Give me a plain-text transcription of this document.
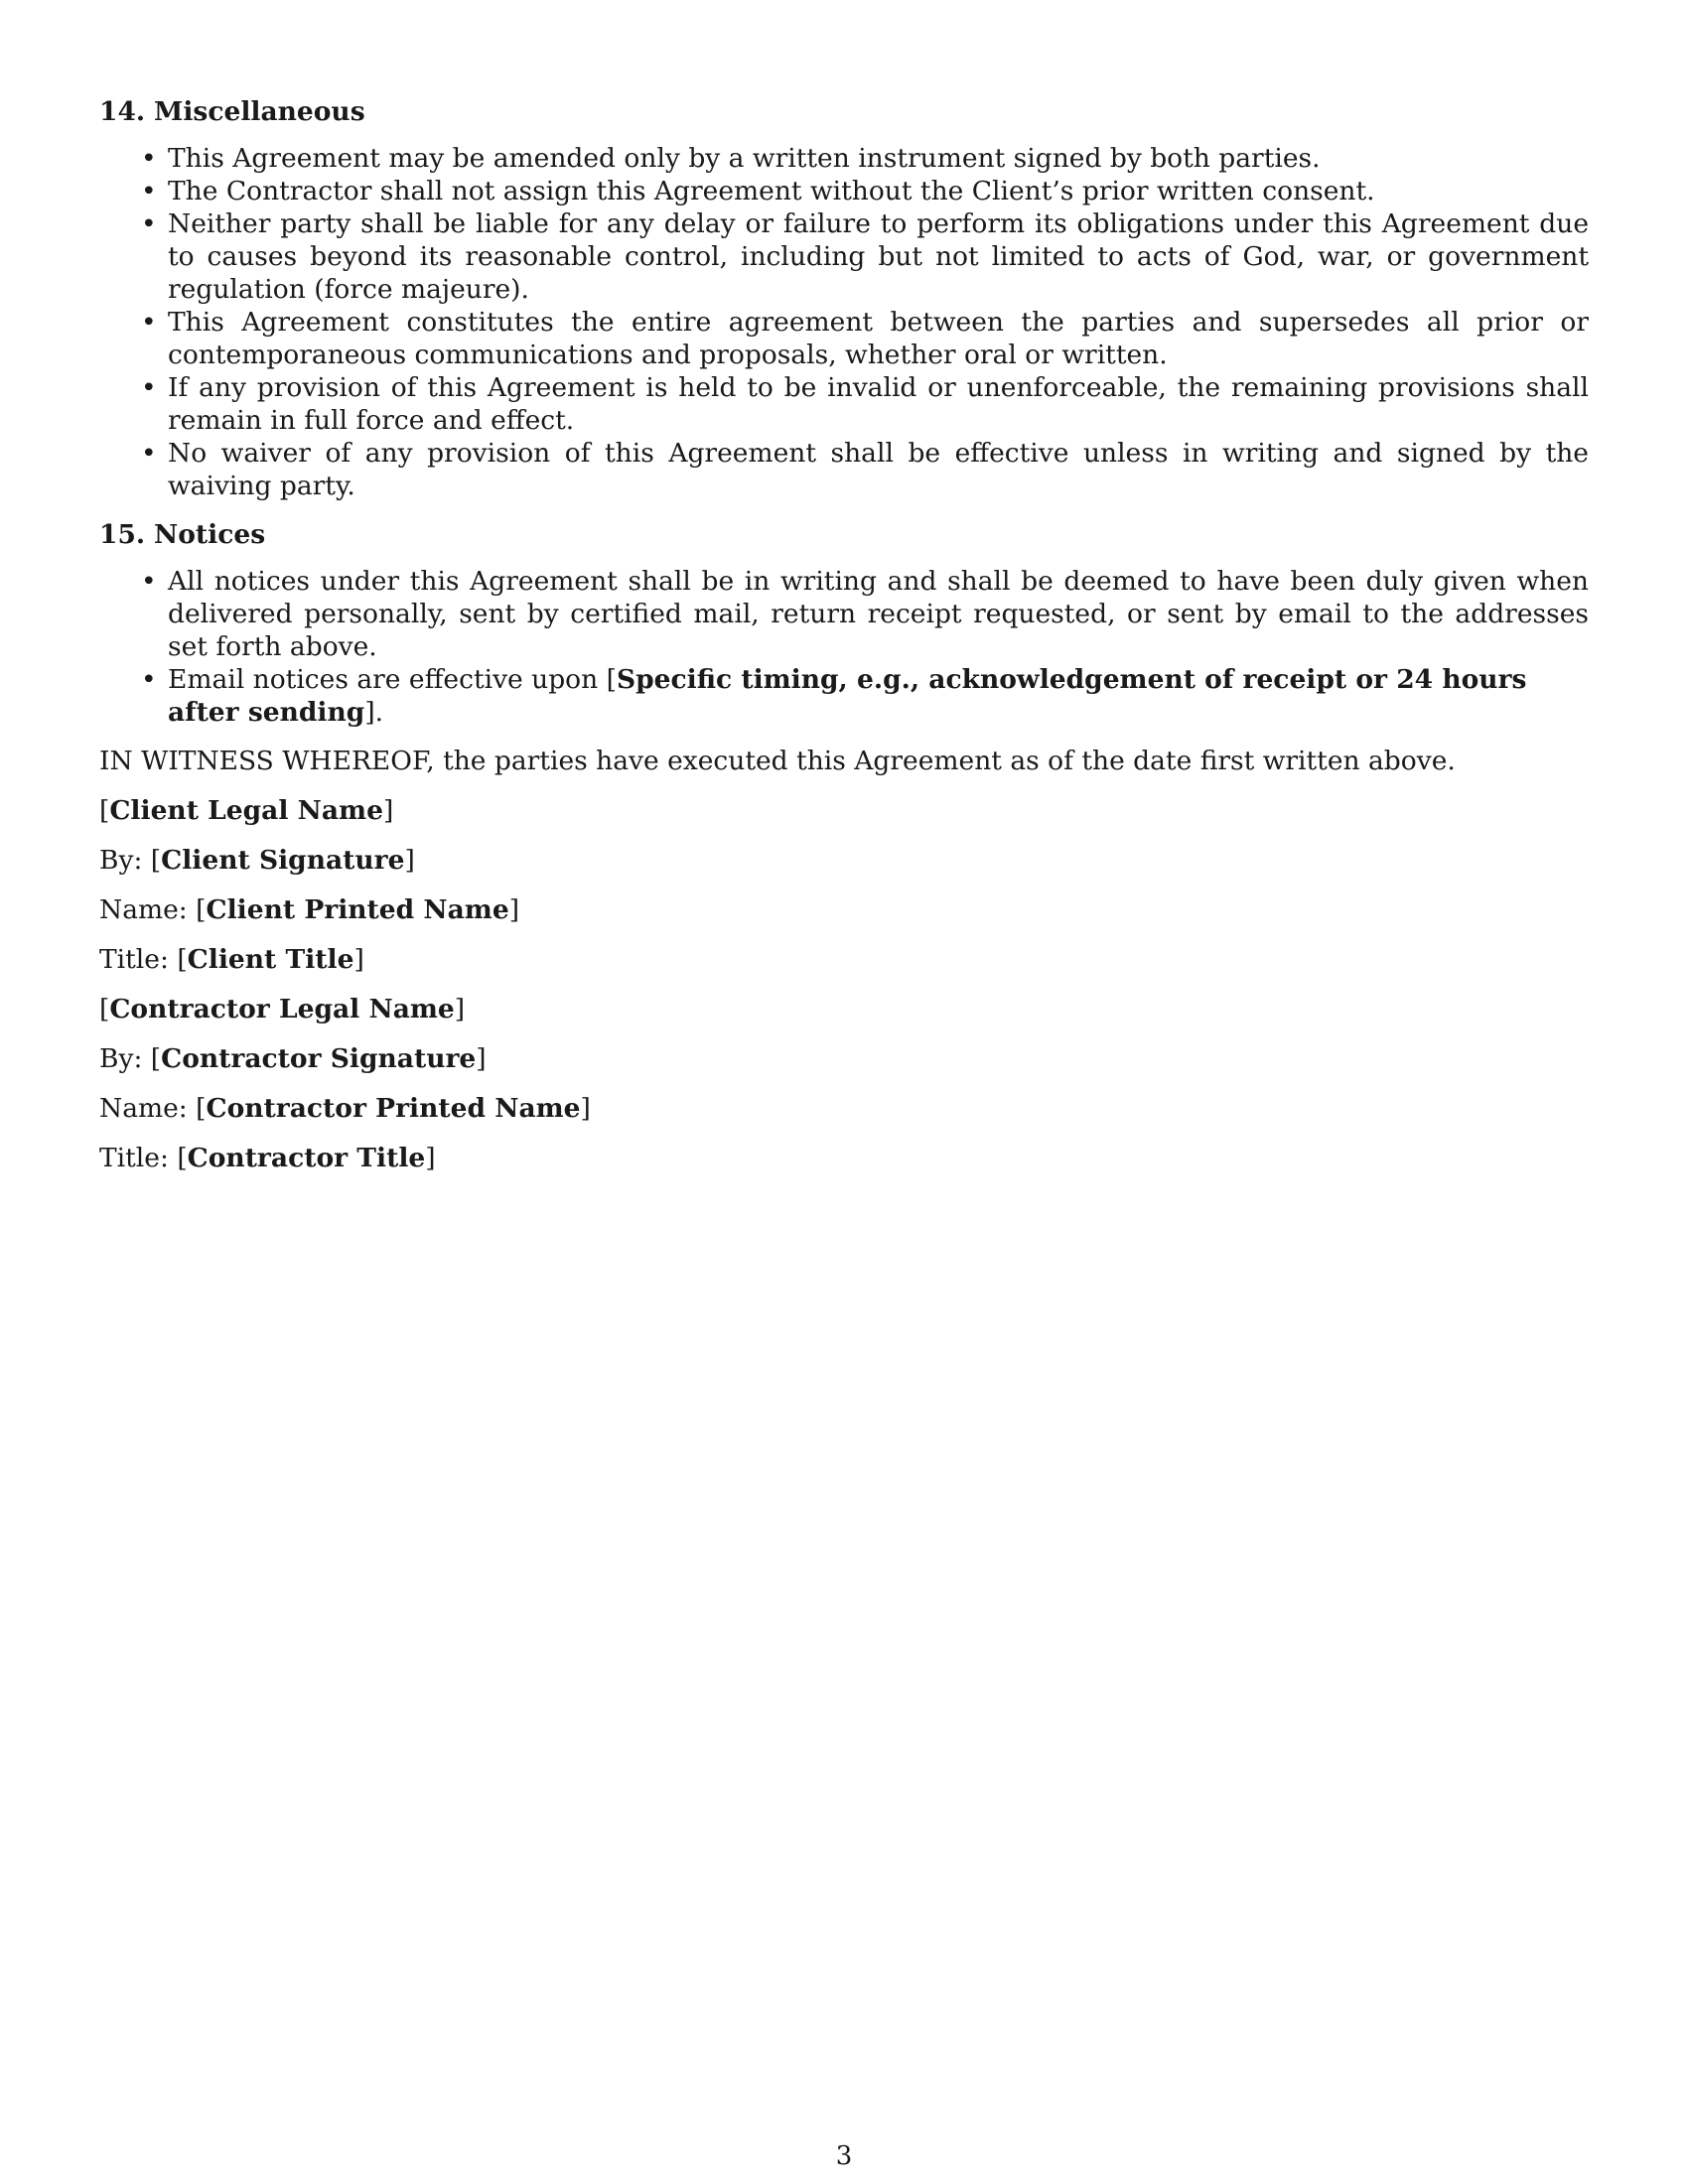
14. Miscellaneous
• This Agreement may be amended only by a written instrument signed by both parties.
• The Contractor shall not assign this Agreement without the Client’s prior written consent.
• Neither party shall be liable for any delay or failure to perform its obligations under this Agreement due to causes beyond its reasonable control, including but not limited to acts of God, war, or government regulation (force majeure).
• This Agreement constitutes the entire agreement between the parties and supersedes all prior or contemporaneous communications and proposals, whether oral or written.
• If any provision of this Agreement is held to be invalid or unenforceable, the remaining provisions shall remain in full force and effect.
• No waiver of any provision of this Agreement shall be effective unless in writing and signed by the waiving party.
15. Notices
• All notices under this Agreement shall be in writing and shall be deemed to have been duly given when delivered personally, sent by certified mail, return receipt requested, or sent by email to the addresses set forth above.
• Email notices are effective upon [Specific timing, e.g., acknowledgement of receipt or 24 hours after sending].
IN WITNESS WHEREOF, the parties have executed this Agreement as of the date first written above.
[Client Legal Name]
By: [Client Signature]
Name: [Client Printed Name]
Title: [Client Title]
[Contractor Legal Name]
By: [Contractor Signature]
Name: [Contractor Printed Name]
Title: [Contractor Title]
3
